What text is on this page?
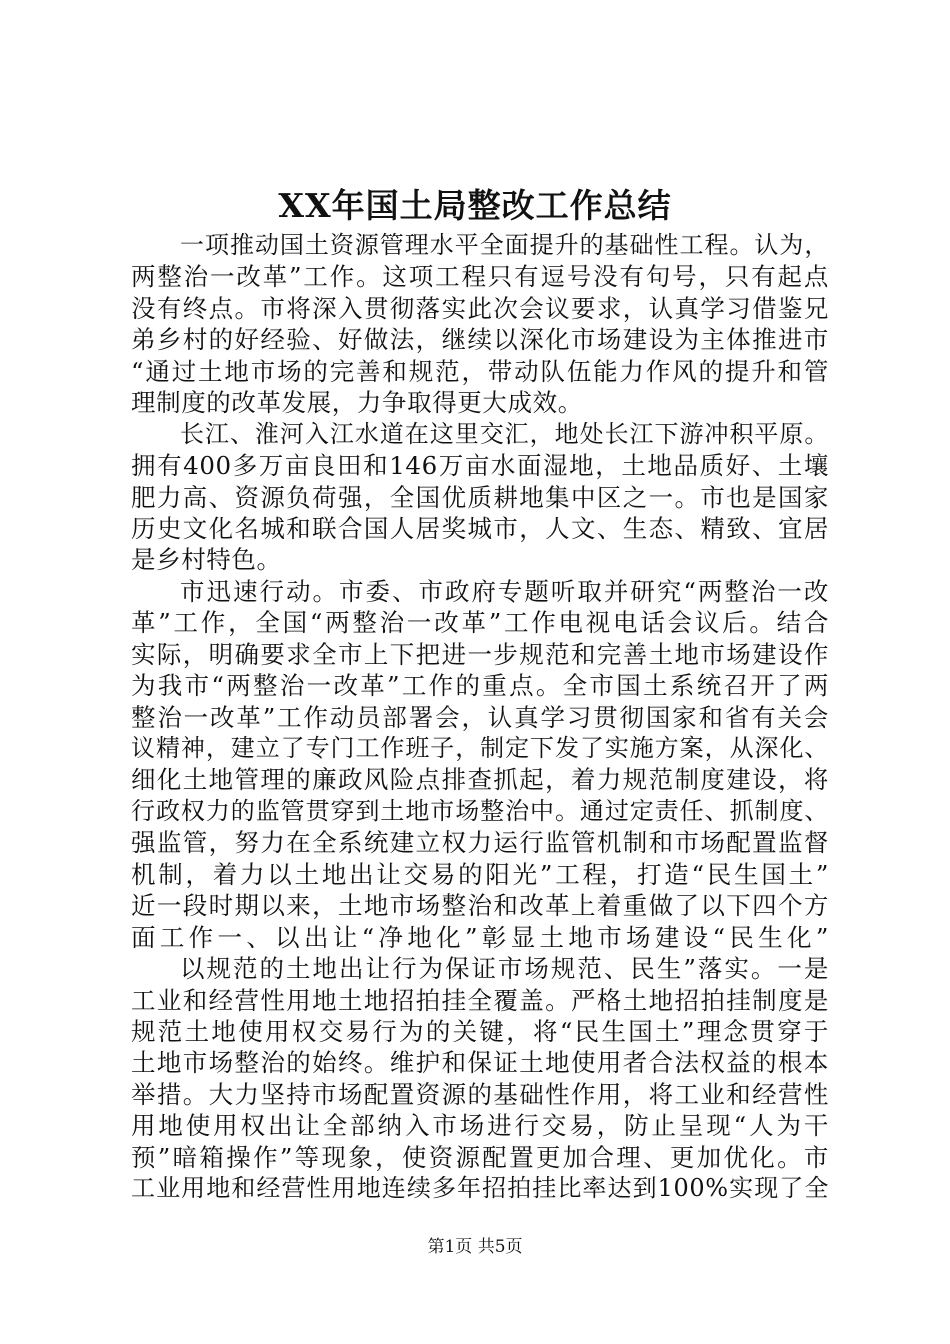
XX年国土局整改工作总结
一项推动国土资源管理水平全面提升的基础性工程。认为，
两整治一改革”工作。这项工程只有逗号没有句号，只有起点
没有终点。市将深入贯彻落实此次会议要求，认真学习借鉴兄
弟乡村的好经验、好做法，继续以深化市场建设为主体推进市
“通过土地市场的完善和规范，带动队伍能力作风的提升和管
理制度的改革发展，力争取得更大成效。
长江、淮河入江水道在这里交汇，地处长江下游冲积平原。
拥有400多万亩良田和146万亩水面湿地，土地品质好、土壤
肥力高、资源负荷强，全国优质耕地集中区之一。市也是国家
历史文化名城和联合国人居奖城市，人文、生态、精致、宜居
是乡村特色。
市迅速行动。市委、市政府专题听取并研究“两整治一改
革”工作，全国“两整治一改革”工作电视电话会议后。结合
实际，明确要求全市上下把进一步规范和完善土地市场建设作
为我市“两整治一改革”工作的重点。全市国土系统召开了两
整治一改革”工作动员部署会，认真学习贯彻国家和省有关会
议精神，建立了专门工作班子，制定下发了实施方案，从深化、
细化土地管理的廉政风险点排查抓起，着力规范制度建设，将
行政权力的监管贯穿到土地市场整治中。通过定责任、抓制度、
强监管，努力在全系统建立权力运行监管机制和市场配置监督
机制，着力以土地出让交易的阳光”工程，打造“民生国土”
近一段时期以来，土地市场整治和改革上着重做了以下四个方
面工作一、以出让“净地化”彰显土地市场建设“民生化”
以规范的土地出让行为保证市场规范、民生”落实。一是
工业和经营性用地土地招拍挂全覆盖。严格土地招拍挂制度是
规范土地使用权交易行为的关键，将“民生国土”理念贯穿于
土地市场整治的始终。维护和保证土地使用者合法权益的根本
举措。大力坚持市场配置资源的基础性作用，将工业和经营性
用地使用权出让全部纳入市场进行交易，防止呈现“人为干
预”暗箱操作”等现象，使资源配置更加合理、更加优化。市
工业用地和经营性用地连续多年招拍挂比率达到100%实现了全
第1页 共5页
